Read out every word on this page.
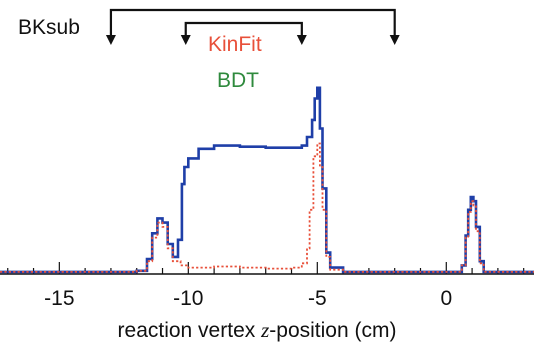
-15	-10	-5	0
BKsub
KinFit
BDT
reaction vertex z-position (cm)
